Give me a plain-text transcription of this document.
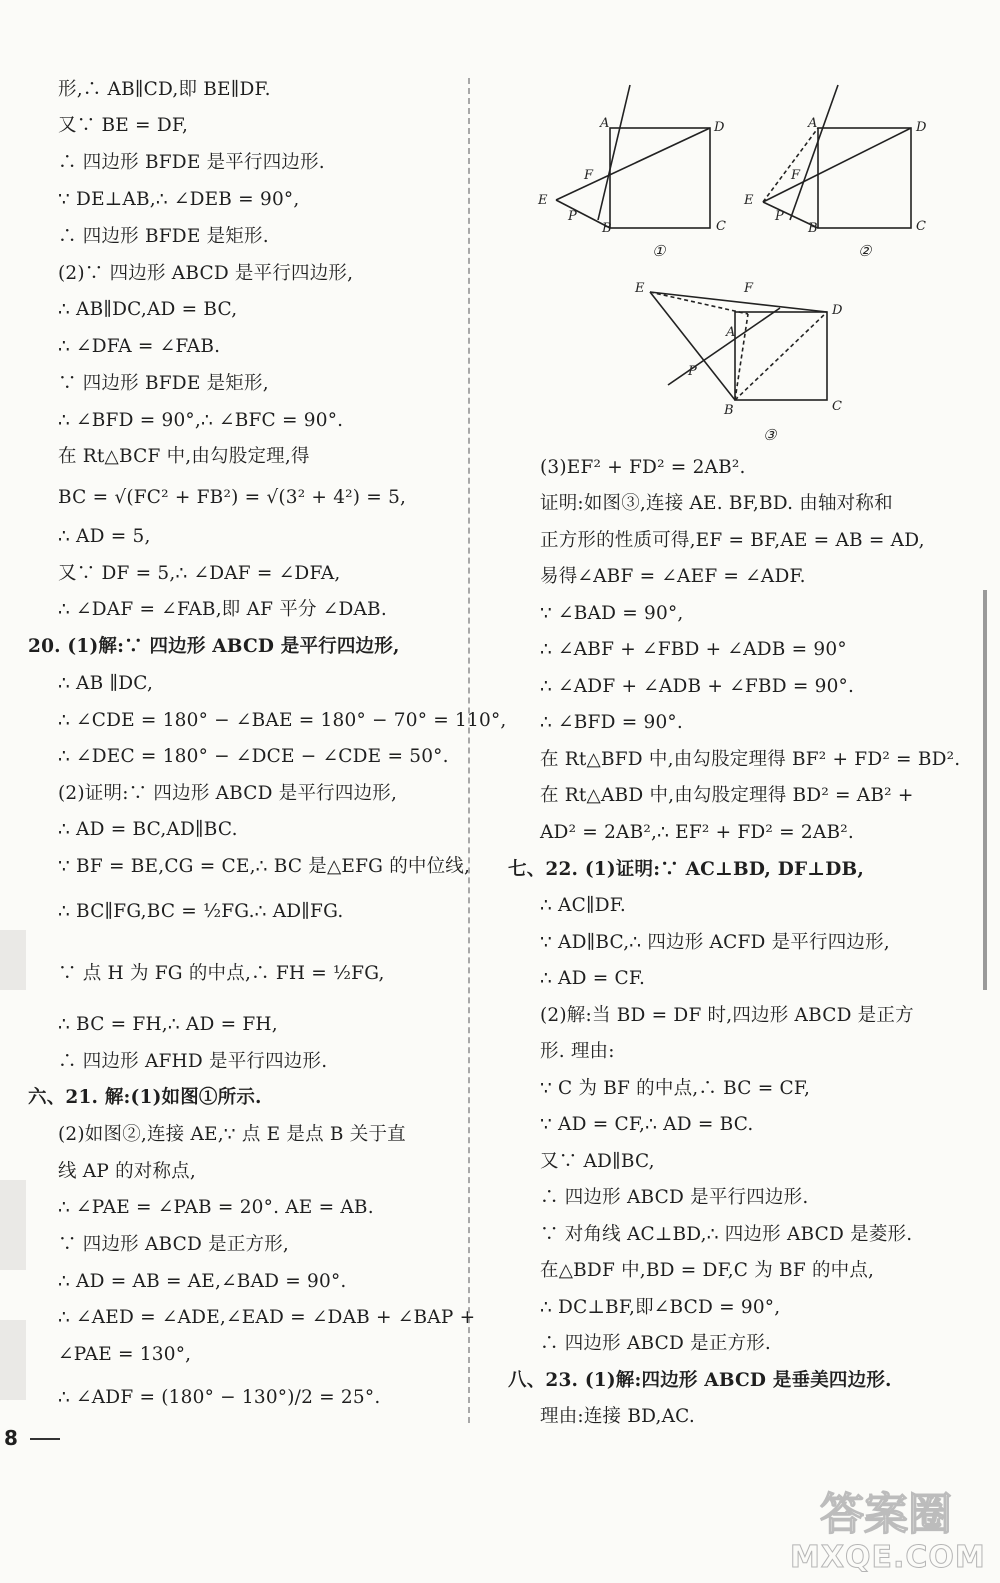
形,∴ AB∥CD,即 BE∥DF.
又∵ BE = DF,
∴ 四边形 BFDE 是平行四边形.
∵ DE⊥AB,∴ ∠DEB = 90°,
∴ 四边形 BFDE 是矩形.
(2)∵ 四边形 ABCD 是平行四边形,
∴ AB∥DC,AD = BC,
∴ ∠DFA = ∠FAB.
∵ 四边形 BFDE 是矩形,
∴ ∠BFD = 90°,∴ ∠BFC = 90°.
在 Rt△BCF 中,由勾股定理,得
BC = √(FC² + FB²) = √(3² + 4²) = 5,
∴ AD = 5,
又∵ DF = 5,∴ ∠DAF = ∠DFA,
∴ ∠DAF = ∠FAB,即 AF 平分 ∠DAB.
20. (1)解:∵ 四边形 ABCD 是平行四边形,
∴ AB ∥DC,
∴ ∠CDE = 180° − ∠BAE = 180° − 70° = 110°,
∴ ∠DEC = 180° − ∠DCE − ∠CDE = 50°.
(2)证明:∵ 四边形 ABCD 是平行四边形,
∴ AD = BC,AD∥BC.
∵ BF = BE,CG = CE,∴ BC 是△EFG 的中位线,
∴ BC∥FG,BC = ½FG.∴ AD∥FG.
∵ 点 H 为 FG 的中点,∴ FH = ½FG,
∴ BC = FH,∴ AD = FH,
∴ 四边形 AFHD 是平行四边形.
六、21. 解:(1)如图①所示.
(2)如图②,连接 AE,∵ 点 E 是点 B 关于直
线 AP 的对称点,
∴ ∠PAE = ∠PAB = 20°. AE = AB.
∵ 四边形 ABCD 是正方形,
∴ AD = AB = AE,∠BAD = 90°.
∴ ∠AED = ∠ADE,∠EAD = ∠DAB + ∠BAP +
∠PAE = 130°,
∴ ∠ADF = (180° − 130°)/2 = 25°.
A	D
F
E
P
B	C
A	D
F
E
P
B	C
E	F
D
A
P
B	C
①	②
③
(3)EF² + FD² = 2AB².
证明:如图③,连接 AE. BF,BD. 由轴对称和
正方形的性质可得,EF = BF,AE = AB = AD,
易得∠ABF = ∠AEF = ∠ADF.
∵ ∠BAD = 90°,
∴ ∠ABF + ∠FBD + ∠ADB = 90°
∴ ∠ADF + ∠ADB + ∠FBD = 90°.
∴ ∠BFD = 90°.
在 Rt△BFD 中,由勾股定理得 BF² + FD² = BD².
在 Rt△ABD 中,由勾股定理得 BD² = AB² +
AD² = 2AB²,∴ EF² + FD² = 2AB².
七、22. (1)证明:∵ AC⊥BD, DF⊥DB,
∴ AC∥DF.
∵ AD∥BC,∴ 四边形 ACFD 是平行四边形,
∴ AD = CF.
(2)解:当 BD = DF 时,四边形 ABCD 是正方
形. 理由:
∵ C 为 BF 的中点,∴ BC = CF,
∵ AD = CF,∴ AD = BC.
又∵ AD∥BC,
∴ 四边形 ABCD 是平行四边形.
∵ 对角线 AC⊥BD,∴ 四边形 ABCD 是菱形.
在△BDF 中,BD = DF,C 为 BF 的中点,
∴ DC⊥BF,即∠BCD = 90°,
∴ 四边形 ABCD 是正方形.
八、23. (1)解:四边形 ABCD 是垂美四边形.
理由:连接 BD,AC.
8
答案圈
MXQE.COM
